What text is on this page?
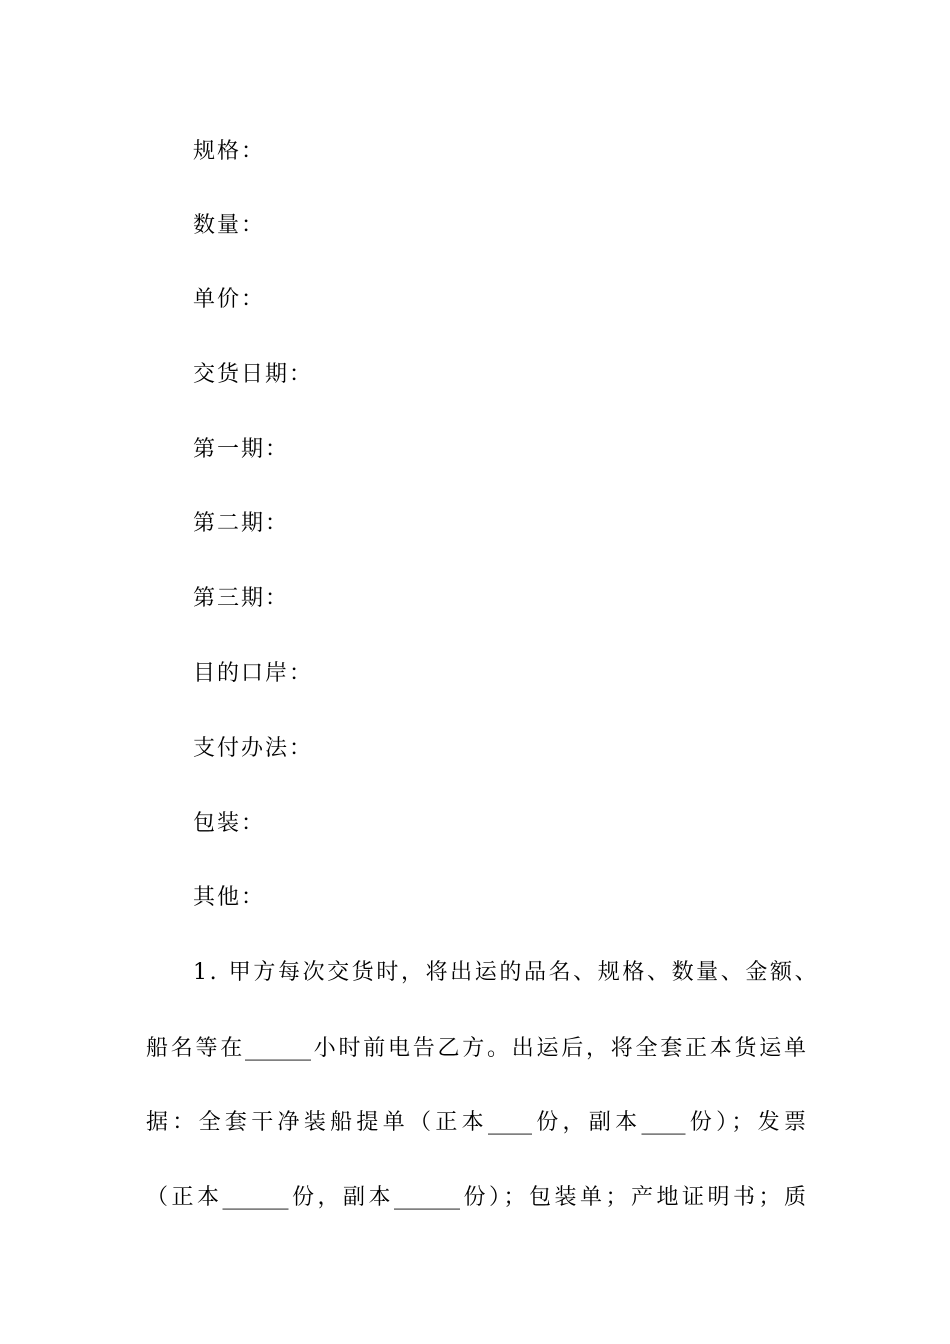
规格：
数量：
单价：
交货日期：
第一期：
第二期：
第三期：
目的口岸：
支付办法：
包装：
其他：
1. 甲方每次交货时，将出运的品名、规格、数量、金额、
船名等在______小时前电告乙方。出运后，将全套正本货运单
据：全套干净装船提单（正本____份，副本____份）；发票
（正本______份，副本______份）；包装单；产地证明书；质
